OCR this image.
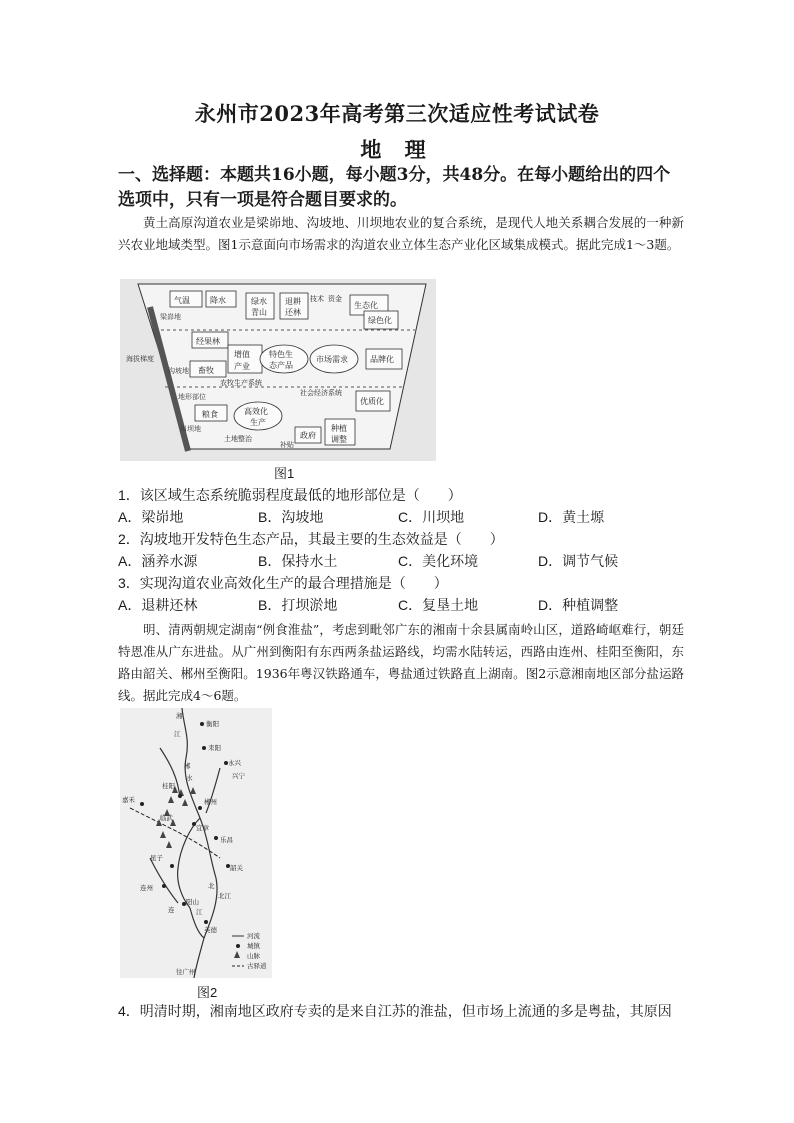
永州市2023年高考第三次适应性考试试卷
地 理
一、选择题：本题共16小题，每小题3分，共48分。在每小题给出的四个选项中，只有一项是符合题目要求的。
黄土高原沟道农业是梁峁地、沟坡地、川坝地农业的复合系统，是现代人地关系耦合发展的一种新兴农业地域类型。图1示意面向市场需求的沟道农业立体生态产业化区域集成模式。据此完成1～3题。
气温	降水	绿水
青山
退耕
还林
技术 资金
生态化
绿色化
经果林
增值
产业
特色生
态产品
市场需求	品牌化
畜牧
农牧生产系统
社会经济系统
优质化
粮食	高效化
生产
政府
种植
调整
土地整治
补贴
海拔梯度
梁峁地
沟坡地
地形部位
川坝地
图1
1．该区域生态系统脆弱程度最低的地形部位是（　　）
A．梁峁地	B．沟坡地	C．川坝地	D．黄土塬
2．沟坡地开发特色生态产品，其最主要的生态效益是（　　）
A．涵养水源	B．保持水土	C．美化环境	D．调节气候
3．实现沟道农业高效化生产的最合理措施是（　　）
A．退耕还林	B．打坝淤地	C．复垦土地	D．种植调整
明、清两朝规定湖南“例食淮盐”，考虑到毗邻广东的湘南十余县属南岭山区，道路崎岖难行，朝廷特恩准从广东进盐。从广州到衡阳有东西两条盐运路线，均需水陆转运，西路由连州、桂阳至衡阳，东路由韶关、郴州至衡阳。1936年粤汉铁路通车，粤盐通过铁路直上湖南。图2示意湘南地区部分盐运路线。据此完成4～6题。
湘
衡阳
江
耒阳
永兴
兴宁
嘉禾
桂阳
郴州
临武
宜章
乐昌
韶关
星子
连州
阳山
英德
北江
往广州
连	江
北
郴
水
河流
城镇
山脉
古驿道
图2
4．明清时期，湘南地区政府专卖的是来自江苏的淮盐，但市场上流通的多是粤盐，其原因
